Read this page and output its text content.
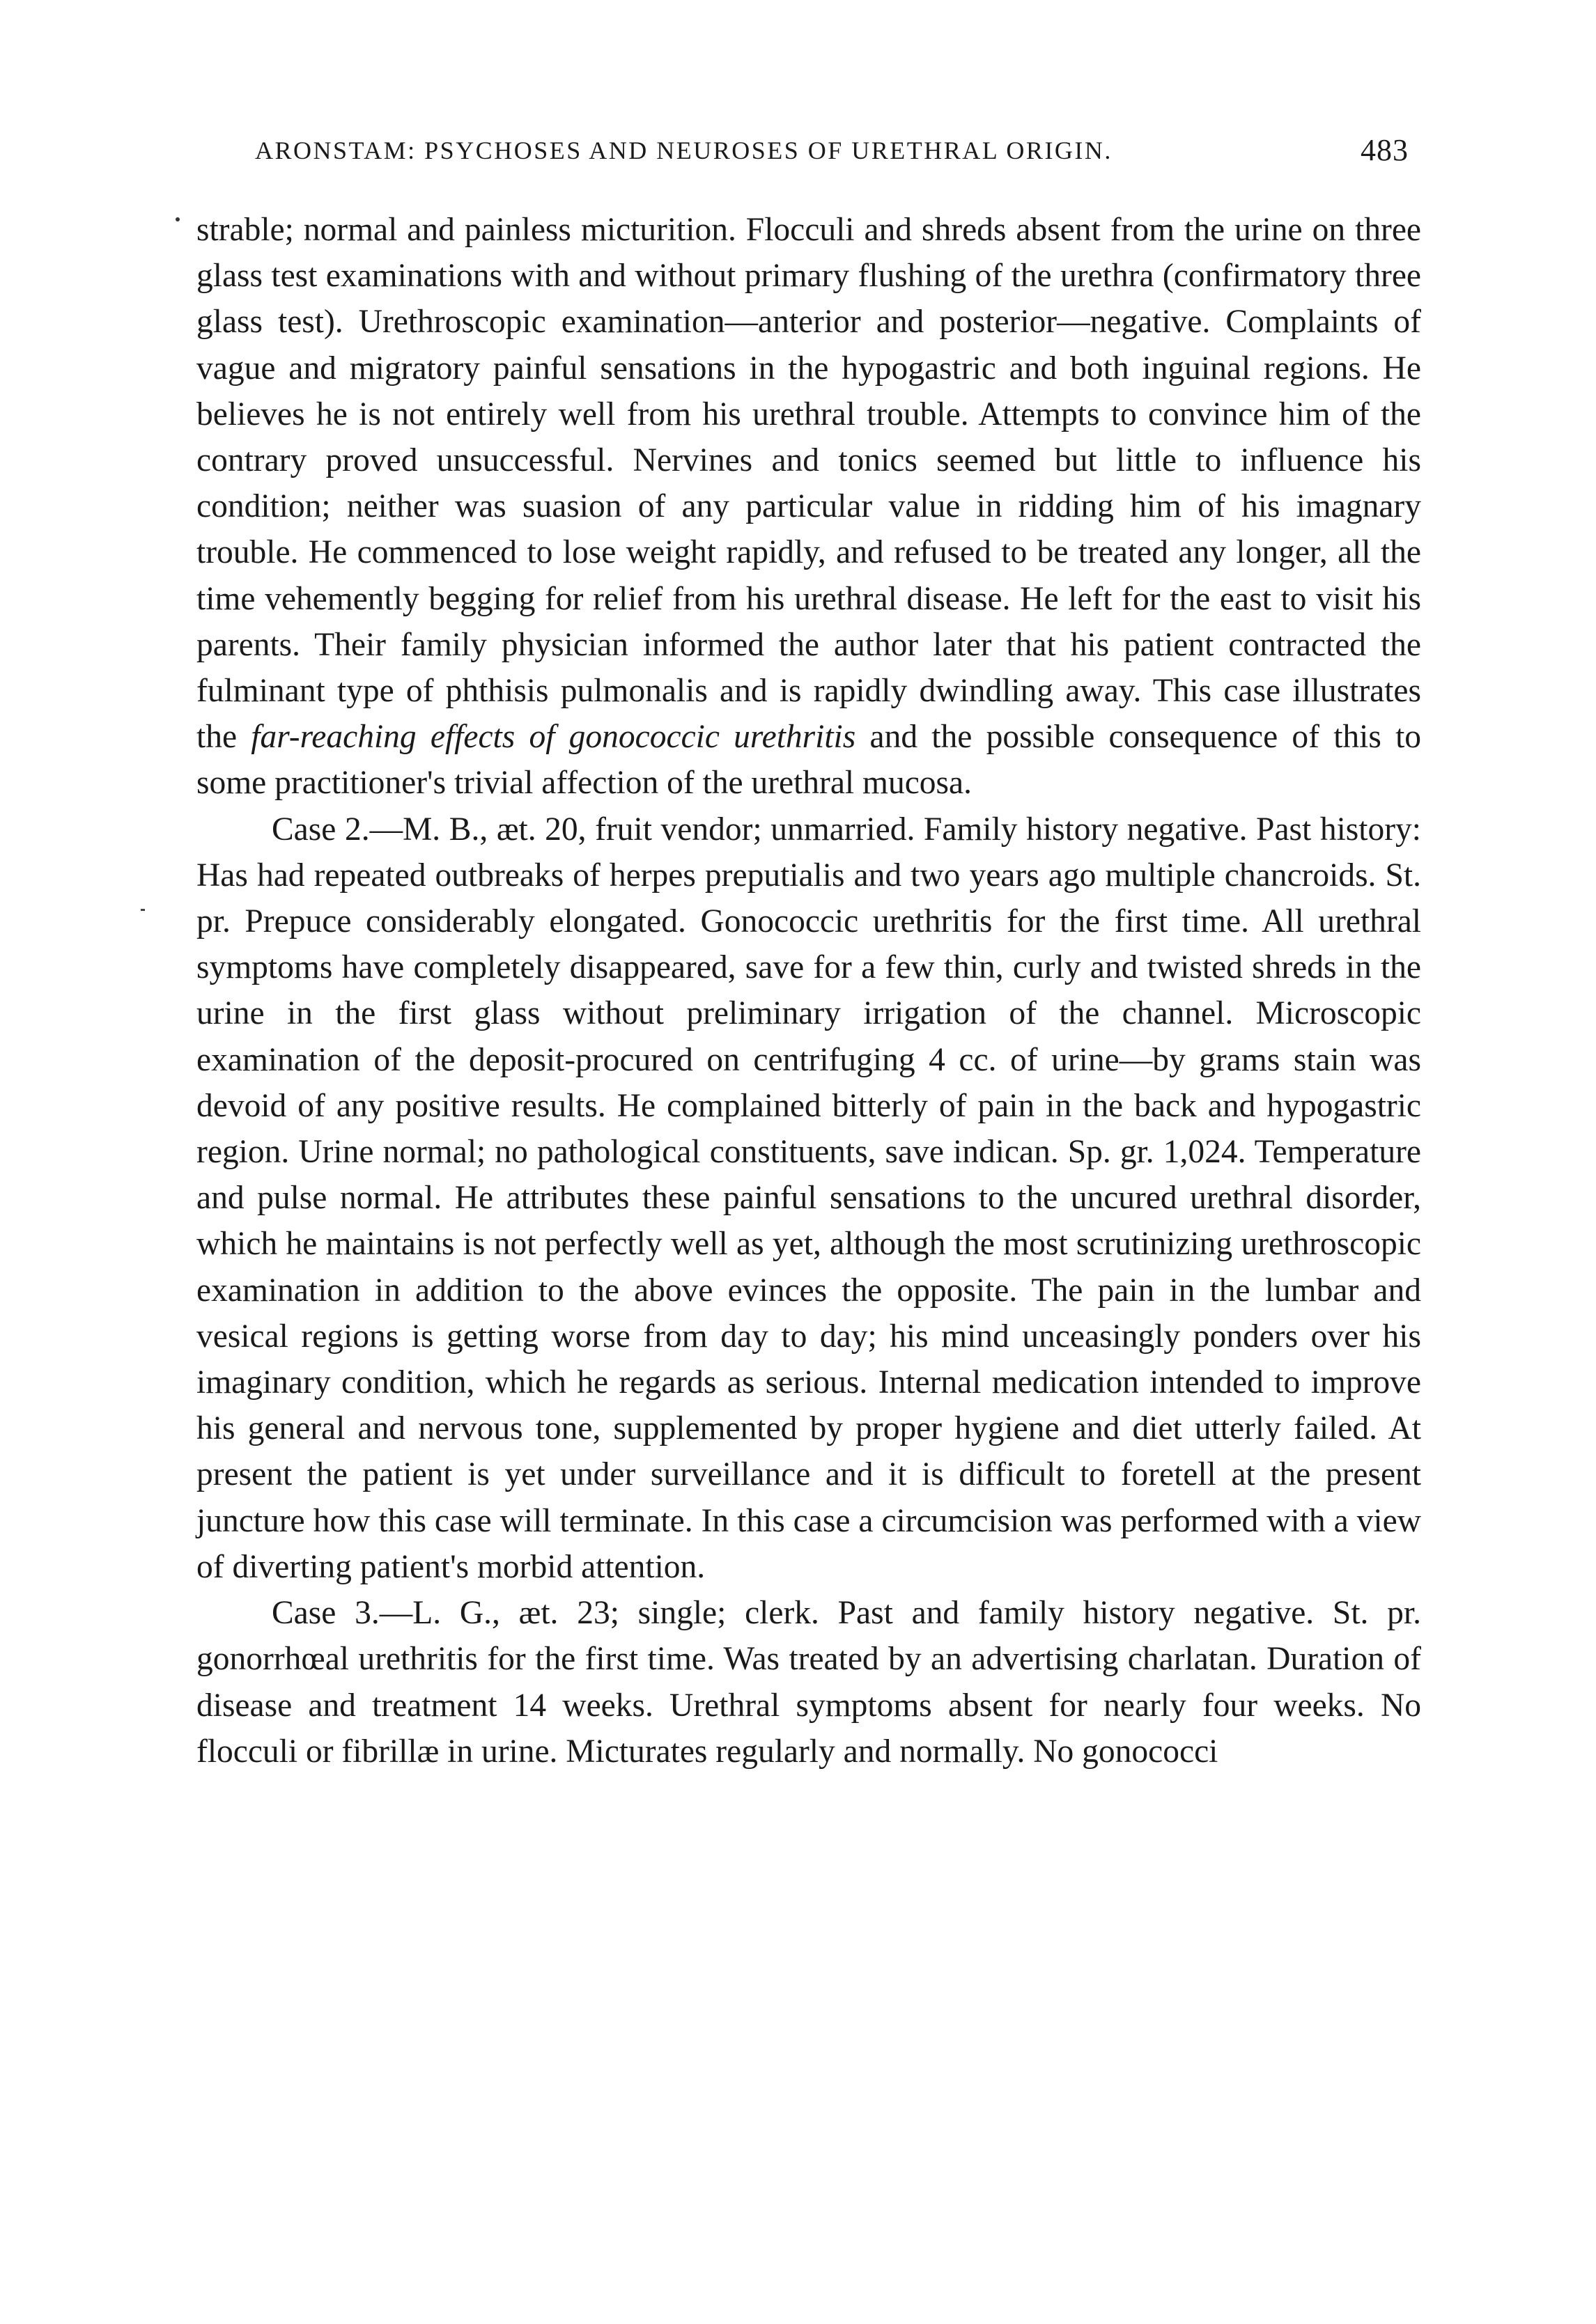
ARONSTAM: PSYCHOSES AND NEUROSES OF URETHRAL ORIGIN.	483

strable; normal and painless micturition. Flocculi and shreds absent from the urine on three glass test examinations with and without primary flushing of the urethra (confirmatory three glass test). Urethroscopic examination—anterior and posterior—negative. Complaints of vague and migratory painful sensations in the hypogastric and both inguinal regions. He believes he is not entirely well from his urethral trouble. Attempts to convince him of the contrary proved unsuccessful. Nervines and tonics seemed but little to influence his condition; neither was suasion of any particular value in ridding him of his imagnary trouble. He commenced to lose weight rapidly, and refused to be treated any longer, all the time vehemently begging for relief from his urethral disease. He left for the east to visit his parents. Their family physician informed the author later that his patient contracted the fulminant type of phthisis pulmonalis and is rapidly dwindling away. This case illustrates the far-reaching effects of gonococcic urethritis and the possible consequence of this to some practitioner's trivial affection of the urethral mucosa.

Case 2.—M. B., æt. 20, fruit vendor; unmarried. Family history negative. Past history: Has had repeated outbreaks of herpes preputialis and two years ago multiple chancroids. St. pr. Prepuce considerably elongated. Gonococcic urethritis for the first time. All urethral symptoms have completely disappeared, save for a few thin, curly and twisted shreds in the urine in the first glass without preliminary irrigation of the channel. Microscopic examination of the deposit-procured on centrifuging 4 cc. of urine—by grams stain was devoid of any positive results. He complained bitterly of pain in the back and hypogastric region. Urine normal; no pathological constituents, save indican. Sp. gr. 1,024. Temperature and pulse normal. He attributes these painful sensations to the uncured urethral disorder, which he maintains is not perfectly well as yet, although the most scrutinizing urethroscopic examination in addition to the above evinces the opposite. The pain in the lumbar and vesical regions is getting worse from day to day; his mind unceasingly ponders over his imaginary condition, which he regards as serious. Internal medication intended to improve his general and nervous tone, supplemented by proper hygiene and diet utterly failed. At present the patient is yet under surveillance and it is difficult to foretell at the present juncture how this case will terminate. In this case a circumcision was performed with a view of diverting patient's morbid attention.

Case 3.—L. G., æt. 23; single; clerk. Past and family history negative. St. pr. gonorrhœal urethritis for the first time. Was treated by an advertising charlatan. Duration of disease and treatment 14 weeks. Urethral symptoms absent for nearly four weeks. No flocculi or fibrillæ in urine. Micturates regularly and normally. No gonococci
